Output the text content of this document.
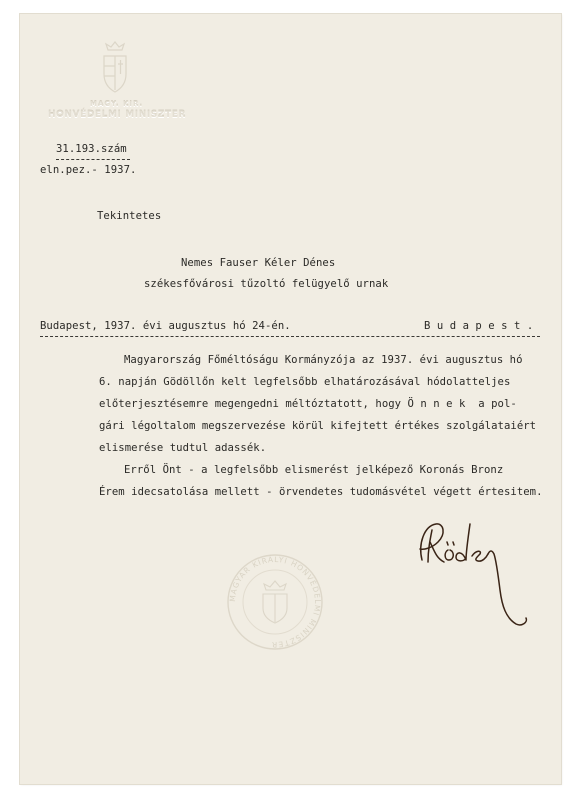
MAGY. KIR.
HONVÉDELMI MINISZTER
31.193.szám
eln.pez.- 1937.
Tekintetes
Nemes Fauser Kéler Dénes
székesfővárosi tűzoltó felügyelő urnak
Budapest, 1937. évi augusztus hó 24-én.	B u d a p e s t .
Magyarország Főméltóságu Kormányzója az 1937. évi augusztus hó
6. napján Gödöllőn kelt legfelsőbb elhatározásával hódolatteljes
előterjesztésemre megengedni méltóztatott, hogy Ö n n e k  a pol-
gári légoltalom megszervezése körül kifejtett értékes szolgálataiért
elismerése tudtul adassék.
Erről Önt - a legfelsőbb elismerést jelképező Koronás Bronz
Érem idecsatolása mellett - örvendetes tudomásvétel végett értesitem.
MAGYAR KIRÁLYI HONVÉDELMI MINISZTER
